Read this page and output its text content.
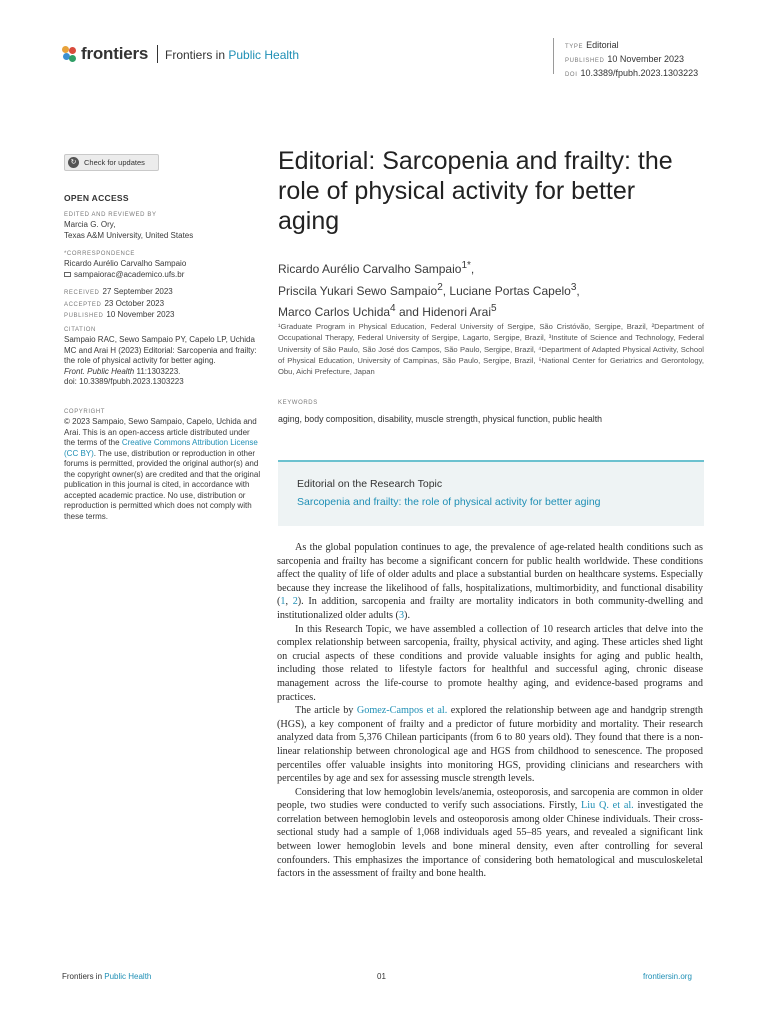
frontiers Frontiers in Public Health
TYPE Editorial
PUBLISHED 10 November 2023
DOI 10.3389/fpubh.2023.1303223
↻	Check for updates
OPEN ACCESS
EDITED AND REVIEWED BY
Marcia G. Ory,
Texas A&M University, United States
*CORRESPONDENCE
Ricardo Aurélio Carvalho Sampaio
sampaiorac@academico.ufs.br
RECEIVED 27 September 2023
ACCEPTED 23 October 2023
PUBLISHED 10 November 2023
CITATION
Sampaio RAC, Sewo Sampaio PY, Capelo LP, Uchida MC and Arai H (2023) Editorial: Sarcopenia and frailty: the role of physical activity for better aging.
Front. Public Health 11:1303223.
doi: 10.3389/fpubh.2023.1303223
COPYRIGHT
© 2023 Sampaio, Sewo Sampaio, Capelo, Uchida and Arai. This is an open-access article distributed under the terms of the Creative Commons Attribution License (CC BY). The use, distribution or reproduction in other forums is permitted, provided the original author(s) and the copyright owner(s) are credited and that the original publication in this journal is cited, in accordance with accepted academic practice. No use, distribution or reproduction is permitted which does not comply with these terms.
Editorial: Sarcopenia and frailty: the role of physical activity for better aging
Ricardo Aurélio Carvalho Sampaio$^{1*}$,
Priscila Yukari Sewo Sampaio$^2$, Luciane Portas Capelo$^3$,
Marco Carlos Uchida$^4$ and Hidenori Arai$^5$
¹Graduate Program in Physical Education, Federal University of Sergipe, São Cristóvão, Sergipe, Brazil, ²Department of Occupational Therapy, Federal University of Sergipe, Lagarto, Sergipe, Brazil, ³Institute of Science and Technology, Federal University of São Paulo, São José dos Campos, São Paulo, Sergipe, Brazil, ⁴Department of Adapted Physical Activity, School of Physical Education, University of Campinas, São Paulo, Sergipe, Brazil, ⁵National Center for Geriatrics and Gerontology, Obu, Aichi Prefecture, Japan
KEYWORDS
aging, body composition, disability, muscle strength, physical function, public health
Editorial on the Research Topic
Sarcopenia and frailty: the role of physical activity for better aging

As the global population continues to age, the prevalence of age-related health conditions such as sarcopenia and frailty has become a significant concern for public health worldwide. These conditions affect the quality of life of older adults and place a substantial burden on healthcare systems. Especially because they increase the likelihood of falls, hospitalizations, multimorbidity, and functional disability (1, 2). In addition, sarcopenia and frailty are mortality indicators in both community-dwelling and institutionalized older adults (3).

In this Research Topic, we have assembled a collection of 10 research articles that delve into the complex relationship between sarcopenia, frailty, physical activity, and aging. These articles shed light on crucial aspects of these conditions and provide valuable insights for aging and public health, including those related to lifestyle factors for healthful and successful aging, chronic disease management across the life-course to promote healthy aging, and evidence-based programs and practices.

The article by Gomez-Campos et al. explored the relationship between age and handgrip strength (HGS), a key component of frailty and a predictor of future morbidity and mortality. Their research analyzed data from 5,376 Chilean participants (from 6 to 80 years old). They found that there is a non-linear relationship between chronological age and HGS from childhood to senescence. The proposed percentiles offer valuable insights into monitoring HGS, providing clinicians and researchers with percentiles by age and sex for assessing muscle strength levels.

Considering that low hemoglobin levels/anemia, osteoporosis, and sarcopenia are common in older people, two studies were conducted to verify such associations. Firstly, Liu Q. et al. investigated the correlation between hemoglobin levels and osteoporosis among older Chinese individuals. Their cross-sectional study had a sample of 1,068 individuals aged 55–85 years, and revealed a significant link between lower hemoglobin levels and bone mineral density, even after controlling for several confounders. This emphasizes the importance of considering both hematological and musculoskeletal factors in the assessment of frailty and bone health.

Frontiers in Public Health	01	frontiersin.org
